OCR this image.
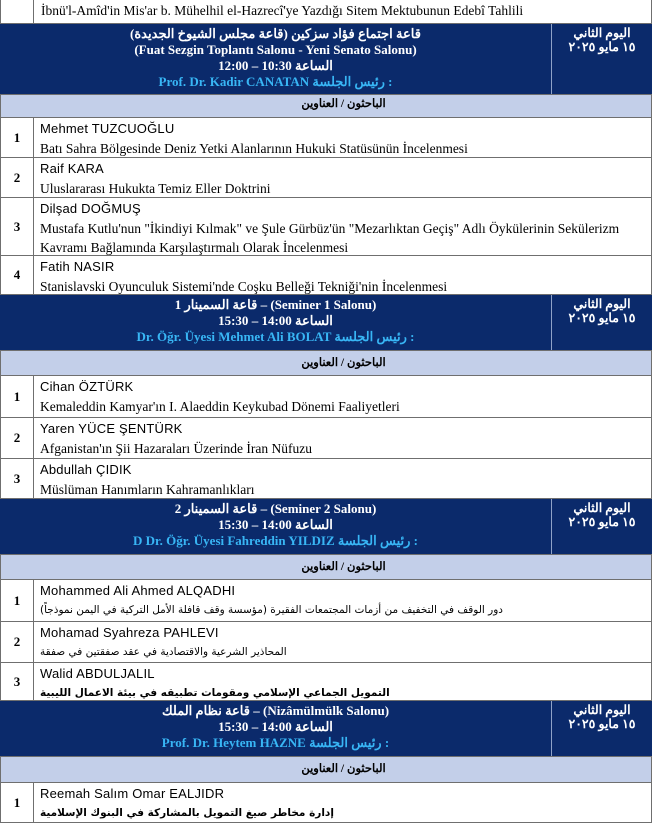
İbnü'l-Amîd'in Mis'ar b. Mühelhil el-Hazrecî'ye Yazdığı Sitem Mektubunun Edebî Tahlili
قاعة اجتماع فؤاد سزكين (قاعة مجلس الشيوخ الجديدة)
(Fuat Sezgin Toplantı Salonu - Yeni Senato Salonu)
الساعة 10:30 – 12:00
Prof. Dr. Kadir CANATAN رئيس الجلسة :
اليوم الثاني
١٥ مايو ٢٠٢٥
الباحثون / العناوين
1
Mehmet TUZCUOĞLU
Batı Sahra Bölgesinde Deniz Yetki Alanlarının Hukuki Statüsünün İncelenmesi
2
Raif KARA
Uluslararası Hukukta Temiz Eller Doktrini
3
Dilşad DOĞMUŞ
Mustafa Kutlu'nun "İkindiyi Kılmak" ve Şule Gürbüz'ün "Mezarlıktan Geçiş" Adlı Öykülerinin Sekülerizm Kavramı Bağlamında Karşılaştırmalı Olarak İncelenmesi
4
Fatih NASIR
Stanislavski Oyunculuk Sistemi'nde Coşku Belleği Tekniği'nin İncelenmesi
قاعة السمينار 1 – (Seminer 1 Salonu)
الساعة 14:00 – 15:30
Dr. Öğr. Üyesi Mehmet Ali BOLAT رئيس الجلسة :
اليوم الثاني
١٥ مايو ٢٠٢٥
الباحثون / العناوين
1
Cihan ÖZTÜRK
Kemaleddin Kamyar'ın I. Alaeddin Keykubad Dönemi Faaliyetleri
2
Yaren YÜCE ŞENTÜRK
Afganistan'ın Şii Hazaraları Üzerinde İran Nüfuzu
3
Abdullah ÇIDIK
Müslüman Hanımların Kahramanlıkları
قاعة السمينار 2 – (Seminer 2 Salonu)
الساعة 14:00 – 15:30
D Dr. Öğr. Üyesi Fahreddin YILDIZ رئيس الجلسة :
اليوم الثاني
١٥ مايو ٢٠٢٥
الباحثون / العناوين
1
Mohammed Ali Ahmed ALQADHI
دور الوقف في التخفيف من أزمات المجتمعات الفقيرة (مؤسسة وقف قافلة الأمل التركية في اليمن نموذجاً)
2
Mohamad Syahreza PAHLEVI
المحاذير الشرعية والاقتصادية في عقد صفقتين في صفقة
3	Walid ABDULJALIL
التمويل الجماعي الإسلامي ومقومات تطبيقه في بيئة الاعمال الليبية
قاعة نظام الملك – (Nizâmülmülk Salonu)
الساعة 14:00 – 15:30
Prof. Dr. Heytem HAZNE رئيس الجلسة :
اليوم الثاني
١٥ مايو ٢٠٢٥
الباحثون / العناوين
1
Reemah Salım Omar EALJIDR
إدارة مخاطر صيغ التمويل بالمشاركة في البنوك الإسلامية
